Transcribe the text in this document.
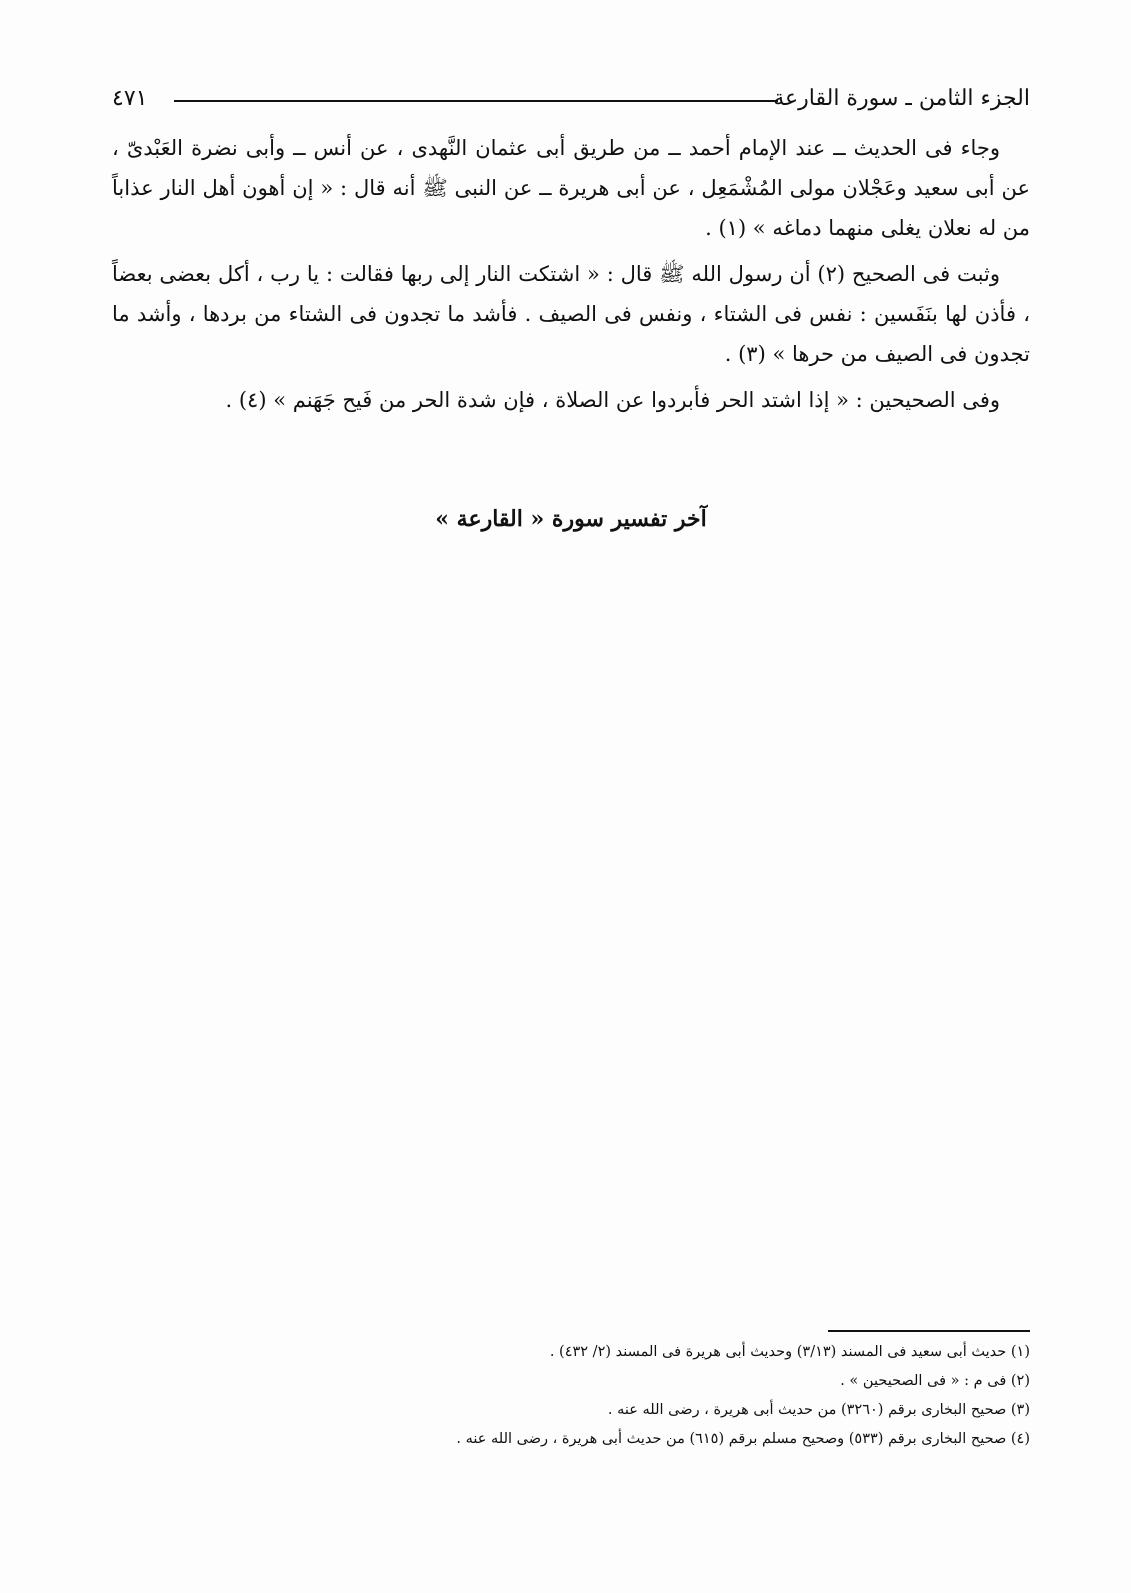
الجزء الثامن ـ سورة القارعة
٤٧١

وجاء فى الحديث ــ عند الإمام أحمد ــ من طريق أبى عثمان النَّهدى ، عن أنس ــ وأبى نضرة العَبْدىّ ، عن أبى سعيد وعَجْلان مولى المُشْمَعِل ، عن أبى هريرة ــ عن النبى ﷺ أنه قال : « إن أهون أهل النار عذاباً من له نعلان يغلى منهما دماغه » (١) .

وثبت فى الصحيح (٢) أن رسول الله ﷺ قال : « اشتكت النار إلى ربها فقالت : يا رب ، أكل بعضى بعضاً ، فأذن لها بنَفَسين : نفس فى الشتاء ، ونفس فى الصيف . فأشد ما تجدون فى الشتاء من بردها ، وأشد ما تجدون فى الصيف من حرها » (٣) .

وفى الصحيحين : « إذا اشتد الحر فأبردوا عن الصلاة ، فإن شدة الحر من فَيح جَهَنم » (٤) .

آخر تفسير سورة « القارعة »
(١) حديث أبى سعيد فى المسند (٣/١٣) وحديث أبى هريرة فى المسند (٢/ ٤٣٢) .
(٢) فى م : « فى الصحيحين » .
(٣) صحيح البخارى برقم (٣٢٦٠) من حديث أبى هريرة ، رضى الله عنه .
(٤) صحيح البخارى برقم (٥٣٣) وصحيح مسلم برقم (٦١٥) من حديث أبى هريرة ، رضى الله عنه .
